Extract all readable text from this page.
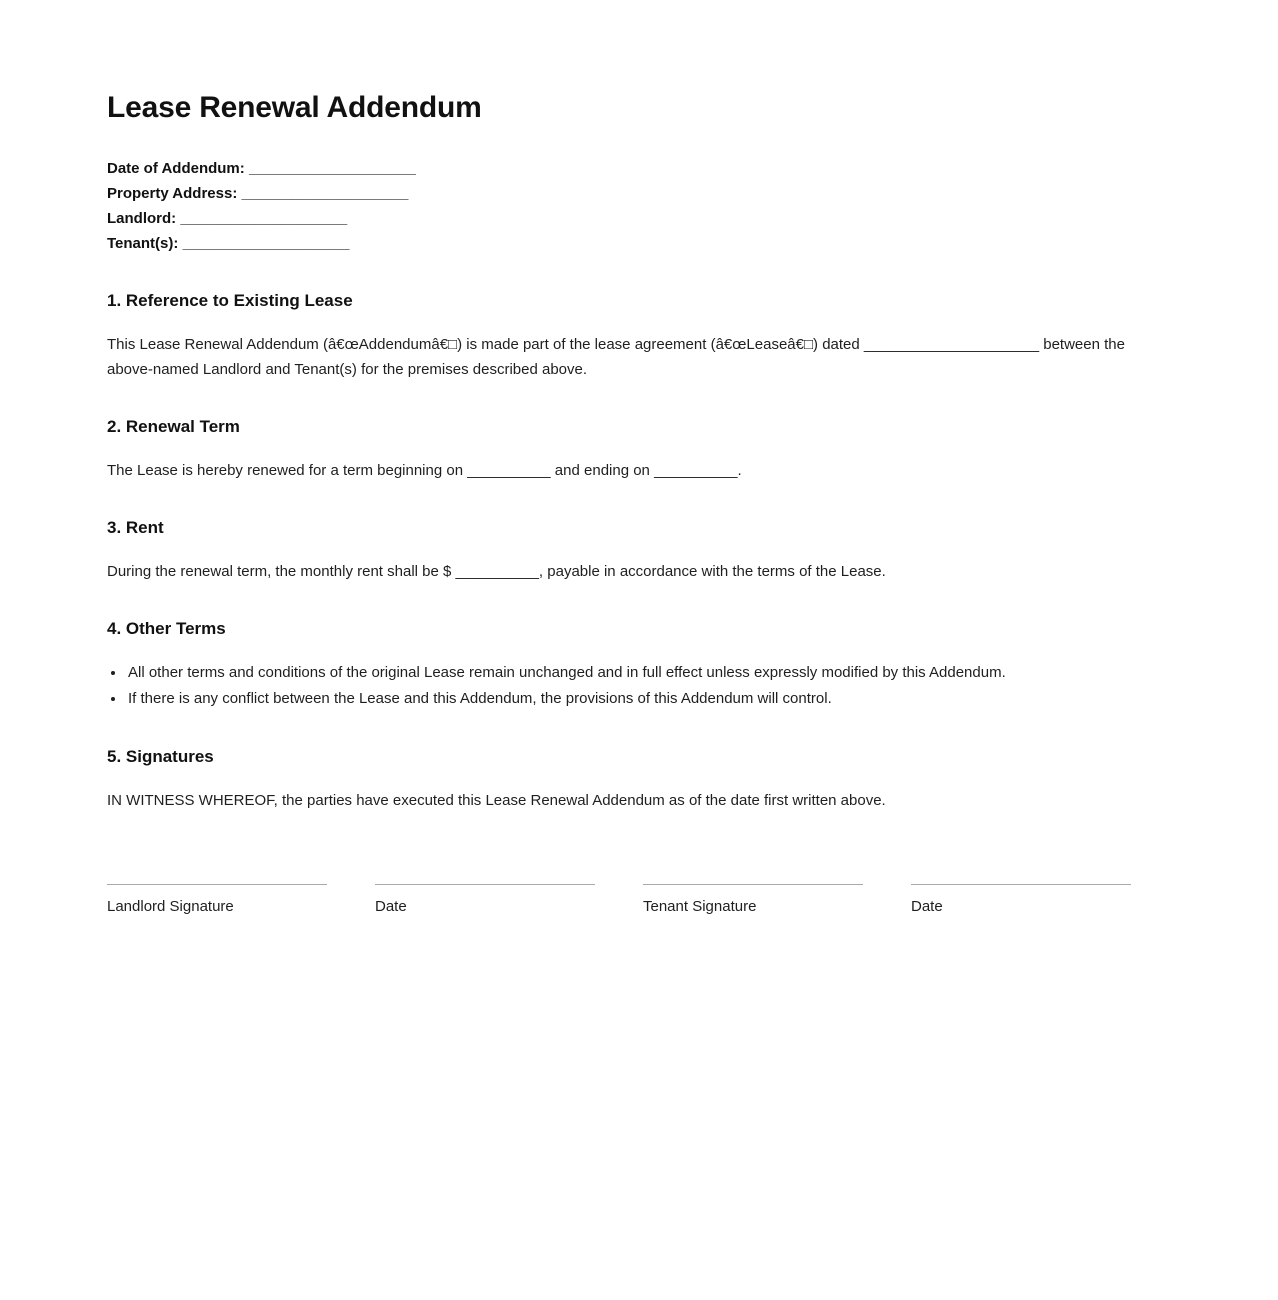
Lease Renewal Addendum

Date of Addendum: ____________________

Property Address: ____________________

Landlord: ____________________

Tenant(s): ____________________

1. Reference to Existing Lease

This Lease Renewal Addendum (â€œAddendumâ€□) is made part of the lease agreement (â€œLeaseâ€□) dated _____________________ between the above-named Landlord and Tenant(s) for the premises described above.

2. Renewal Term

The Lease is hereby renewed for a term beginning on __________ and ending on __________.

3. Rent

During the renewal term, the monthly rent shall be $ __________, payable in accordance with the terms of the Lease.

4. Other Terms
• All other terms and conditions of the original Lease remain unchanged and in full effect unless expressly modified by this Addendum.
• If there is any conflict between the Lease and this Addendum, the provisions of this Addendum will control.
5. Signatures

IN WITNESS WHEREOF, the parties have executed this Lease Renewal Addendum as of the date first written above.

Landlord Signature	Date	Tenant Signature	Date
